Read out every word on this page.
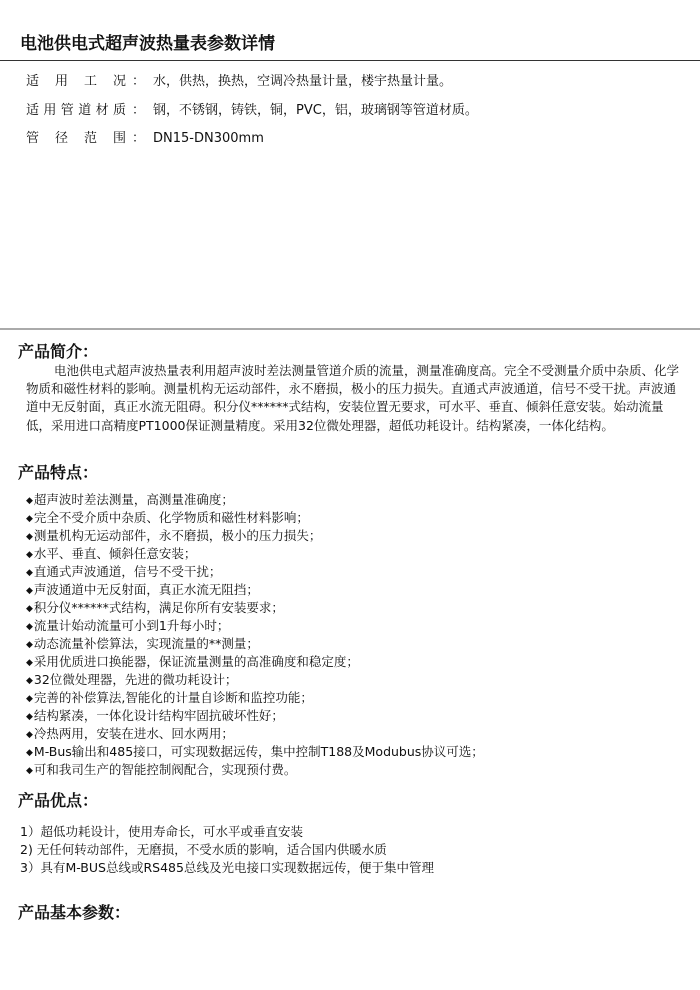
电池供电式超声波热量表参数详情
适用工况 ： 水，供热，换热，空调冷热量计量，楼宇热量计量。
适用管道材质 ： 钢，不锈钢，铸铁，铜，PVC，铝，玻璃钢等管道材质。
管径范围 ： DN15-DN300mm
产品简介：
电池供电式超声波热量表利用超声波时差法测量管道介质的流量，测量准确度高。完全不受测量介质中杂质、化学物质和磁性材料的影响。测量机构无运动部件，永不磨损，极小的压力损失。直通式声波通道，信号不受干扰。声波通道中无反射面，真正水流无阻碍。积分仪******式结构，安装位置无要求，可水平、垂直、倾斜任意安装。始动流量低，采用进口高精度PT1000保证测量精度。采用32位微处理器，超低功耗设计。结构紧凑，一体化结构。
产品特点：
◆超声波时差法测量，高测量准确度；
◆完全不受介质中杂质、化学物质和磁性材料影响；
◆测量机构无运动部件，永不磨损，极小的压力损失；
◆水平、垂直、倾斜任意安装；
◆直通式声波通道，信号不受干扰；
◆声波通道中无反射面，真正水流无阻挡；
◆积分仪******式结构，满足你所有安装要求；
◆流量计始动流量可小到1升每小时；
◆动态流量补偿算法，实现流量的**测量；
◆采用优质进口换能器，保证流量测量的高准确度和稳定度；
◆32位微处理器，先进的微功耗设计；
◆完善的补偿算法,智能化的计量自诊断和监控功能；
◆结构紧凑，一体化设计结构牢固抗破坏性好；
◆冷热两用，安装在进水、回水两用；
◆M-Bus输出和485接口，可实现数据远传，集中控制T188及Modubus协议可选；
◆可和我司生产的智能控制阀配合，实现预付费。
产品优点：
1）超低功耗设计，使用寿命长，可水平或垂直安装
2) 无任何转动部件，无磨损，不受水质的影响，适合国内供暖水质
3）具有M-BUS总线或RS485总线及光电接口实现数据远传，便于集中管理
产品基本参数：
